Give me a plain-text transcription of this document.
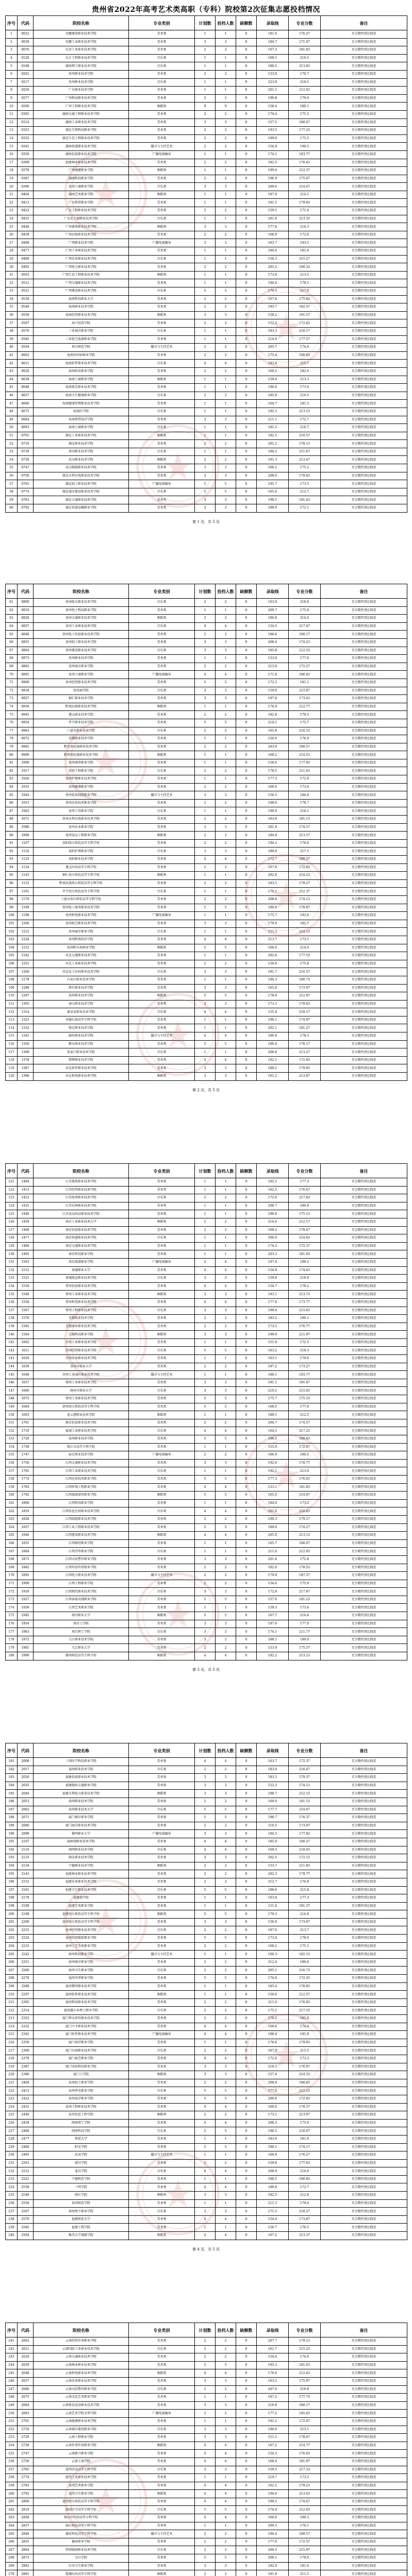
贵州省2022年高考艺术类高职（专科）院校第2次征集志愿投档情况
序号	代码	院校名称	专业类别	计划数	投档人数	缺额数	录取线	专业分数	备注
1	0022	安徽建筑职业技术学院	美术类	1	1	0	181.6	176.27	无分数性别比线差
2	0039	安徽工业职业技术学院	美术类	3	3	0	184.7	171.47	无分数性别比线差
3	0076	长沙工业职业技术学院	美术类	2	2	0	167.3	181.83	无分数性别比线差
4	0126	长江工程职业技术学院	音乐类	1	1	0	169.1	216.5	无分数性别比线差
5	0188	湖南理工职业技术学院	音乐类	1	1	0	188.5	213.83	无分数性别比线差
6	0202	贵州职业技术学院	美术类	2	2	0	153.8	170.7	无分数性别比线差
7	0217	贵州职业技术学院	音乐类	1	1	0	223.8	218.5	无分数性别比线差
8	0256	广东职业技术学院	美术类	1	1	0	201.1	212.63	无分数性别比线差
9	0277	广州科技职业技术学院	美术类	2	2	0	199.8	179.9	无分数性别比线差
10	0296	广州工程职业技术学院	舞蹈类	9	9	0	158.4	180.1	无分数性别比线差
11	0305	湖南交通工程职业技术学院	美术类	2	2	0	174.4	175.5	无分数性别比线差
12	0314	湖南工业职业技术学院	美术类	3	3	0	157.5	180.47	无分数性别比线差
13	0323	湖北生物科技职业学院	美术类	2	2	0	193.5	177.23	无分数性别比线差
14	0332	湖北生态工程职业技术学院	美术类	2	2	0	199.9	175.5	无分数性别比线差
15	0341	湖南铁道职业技术学院	播音与主持艺术	2	2	0	154.9	190.5	无分数性别比线差
16	0350	湖南信息职业技术学院	广播电视编导	1	1	0	174.1	183.77	无分数性别比线差
17	0369	福建林业职业技术学院	美术类	2	2	0	182.5	176.43	无分数性别比线差
18	0378	广州城建职业学院	舞蹈类	1	1	0	199.4	212.37	无分数性别比线差
19	0387	湖南科技职业学院	美术类	2	2	0	196.9	175.67	无分数性别比线差
20	0396	贵州工商职业学院	音乐类	3	3	0	209.6	214.67	无分数性别比线差
21	0404	湖南艺术职业学院	舞蹈类	1	1	0	187.9	214.1	无分数性别比线差
22	0413	广东科贸职业学院	美术类	1	1	0	181.5	179.93	无分数性别比线差
23	0422	广东工程职业技术学院	美术类	2	2	0	159.1	171.6	无分数性别比线差
24	0431	广东农工商职业技术学院	音乐类	1	1	0	201.4	213.33	无分数性别比线差
25	0440	广州番禺职业技术学院	舞蹈类	3	3	0	177.8	216.3	无分数性别比线差
26	0459	广州民航职业技术学院	美术类	2	2	0	168.9	172.6	无分数性别比线差
27	0468	广西职业技术学院	广播电视编导	3	3	0	163.7	193.5	无分数性别比线差
28	0477	广西工业职业技术学院	美术类	1	1	0	180.4	181.6	无分数性别比线差
29	0486	广西农业职业技术学院	音乐类	1	1	0	156.3	215.27	无分数性别比线差
30	0495	广西电力职业技术学院	美术类	2	2	0	205.2	180.33	无分数性别比线差
31	0503	广西生态工程职业技术学院	舞蹈类	1	1	0	173.8	213.5	无分数性别比线差
32	0512	广西交通职业技术学院	美术类	1	1	0	194.6	179.1	无分数性别比线差
33	0521	广西建设职业技术学院	音乐类	5	5	0	174.5	217.4	无分数性别比线差
34	0530	海南科技职业大学	美术类	2	2	0	167.8	175.83	无分数性别比线差
35	0549	海南职业技术学院	美术类	2	2	0	195.7	182.37	无分数性别比线差
36	0558	海南经贸职业技术学院	舞蹈类	3	3	0	158.2	191.57	无分数性别比线差
37	0567	海口经济学院	美术类	2	2	0	152.5	172.43	无分数性别比线差
38	0576	三亚城市职业学院	音乐类	1	1	0	183.3	216.17	无分数性别比线差
39	0585	三亚航空旅游职业学院	美术类	1	1	0	214.9	177.57	无分数性别比线差
40	0594	琼台师范学院	播音与主持艺术	2	2	0	205.7	174.6	无分数性别比线差
41	0602	海南外国语职业学院	美术类	2	2	0	175.4	180.83	无分数性别比线差
42	0611	海南软件职业技术学院	音乐类	4	4	0	183.6	215.7	无分数性别比线差
43	0620	海南政法职业学院	美术类	2	2	0	160.2	182.0	无分数性别比线差
44	0639	海南工商职业学院	舞蹈类	1	1	0	159.4	213.3	无分数性别比线差
45	0648	海南体育职业技术学院	美术类	1	1	0	196.6	173.4	无分数性别比线差
46	0657	海南卫生健康职业学院	音乐类	2	2	0	185.9	214.5	无分数性别比线差
47	0666	海南健康管理职业技术学院	美术类	1	1	0	164.7	181.5	无分数性别比线差
48	0675	海南医学院	音乐类	1	1	0	192.3	213.13	无分数性别比线差
49	0684	海南热带海洋学院	美术类	3	3	0	211.1	172.7	无分数性别比线差
50	0693	海南工商职业学院	音乐类	1	1	0	185.5	216.7	无分数性别比线差
51	0701	湖北工业职业技术学院	舞蹈类	1	1	0	182.5	210.57	无分数性别比线差
52	0710	湖北职业技术学院	美术类	2	2	0	201.2	178.13	无分数性别比线差
53	0729	黄冈职业技术学院	音乐类	1	1	0	184.2	211.67	无分数性别比线差
54	0738	武汉职业技术学院	舞蹈类	2	2	0	181.3	213.47	无分数性别比线差
55	0747	武汉船舶职业技术学院	美术类	3	3	0	166.2	175.2	无分数性别比线差
56	0756	湖北水利水电职业技术学院	美术类	3	3	0	208.0	179.83	无分数性别比线差
57	0765	湖北轻工职业技术学院	广播电视编导	5	5	0	195.7	173.5	无分数性别比线差
58	0774	湖北城市建设职业技术学院	音乐类	5	5	0	165.4	212.7	无分数性别比线差
59	0783	湖北交通职业技术学院	美术类	3	3	0	198.5	181.43	无分数性别比线差
60	0792	湖北铁道运输职业学院	美术类	3	3	0	188.9	172.1	无分数性别比线差
第 1 页，共 5 页
序号	代码	院校名称	专业类别	计划数	投档人数	缺额数	录取线	专业分数	备注
61	0800	贵州航天职业技术学院	音乐类	2	2	0	163.9	218.6	无分数性别比线差
62	0819	贵州电子科技职业学院	美术类	1	1	0	209.7	175.4	无分数性别比线差
63	0828	贵州交通职业技术学院	舞蹈类	2	2	0	186.8	214.0	无分数性别比线差
64	0837	贵州工业职业技术学院	音乐类	4	4	0	154.5	217.47	无分数性别比线差
65	0846	贵州电子信息职业技术学院	美术类	2	2	0	186.6	180.17	无分数性别比线差
66	0855	贵州轻工职业技术学院	美术类	3	3	0	208.4	174.23	无分数性别比线差
67	0864	贵州建设职业技术学院	音乐类	3	3	0	185.8	212.53	无分数性别比线差
68	0873	贵州职业技术学院	美术类	1	1	0	153.6	177.6	无分数性别比线差
69	0882	贵州城市职业学院	美术类	2	2	0	213.6	172.27	无分数性别比线差
70	0891	贵州工商职业学院	广播电视编导	4	4	0	171.6	186.43	无分数性别比线差
71	0909	贵州经贸职业技术学院	美术类	5	5	0	172.3	181.1	无分数性别比线差
72	0918	贵州商学院	音乐类	3	3	0	159.9	215.87	无分数性别比线差
73	0927	铜仁职业技术学院	美术类	3	3	0	197.8	173.43	无分数性别比线差
74	0936	黔南民族职业技术学院	舞蹈类	1	1	0	174.9	212.77	无分数性别比线差
75	0945	遵义职业技术学院	美术类	2	2	0	182.8	179.5	无分数性别比线差
76	0954	毕节职业技术学院	美术类	5	5	0	214.1	175.7	无分数性别比线差
77	0963	六盘水职业技术学院	音乐类	2	2	0	165.8	216.33	无分数性别比线差
78	0972	安顺职业技术学院	美术类	1	1	0	150.9	176.9	无分数性别比线差
79	0981	黔东南民族职业技术学院	美术类	2	2	0	203.9	180.57	无分数性别比线差
80	0990	黔西南民族职业技术学院	舞蹈类	1	1	0	160.2	214.53	无分数性别比线差
81	1008	贵州盛华职业学院	美术类	1	1	0	158.6	177.93	无分数性别比线差
82	1017	贵州工程职业学院	音乐类	2	2	0	178.5	211.63	无分数性别比线差
83	1026	贵州护理职业技术学院	美术类	1	1	0	177.3	172.9	无分数性别比线差
84	1035	贵州健康职业学院	美术类	2	2	0	166.6	173.6	无分数性别比线差
85	1044	贵州装备制造职业学院	播音与主持艺术	3	3	0	156.5	184.8	无分数性别比线差
86	1053	贵州应用技术职业学院	美术类	2	2	0	198.0	178.7	无分数性别比线差
87	1062	贵州工贸职业学院	音乐类	1	1	0	190.9	216.1	无分数性别比线差
88	1071	贵州水利水电职业技术学院	美术类	2	2	0	163.8	181.13	无分数性别比线差
89	1080	贵州农业职业学院	美术类	3	3	0	201.9	174.57	无分数性别比线差
90	1099	贵州食品工程职业学院	舞蹈类	2	2	0	184.8	213.57	无分数性别比线差
91	1107	贵阳幼儿师范高等专科学校	美术类	2	2	0	194.2	176.6	无分数性别比线差
92	1116	贵阳护理职业学院	音乐类	3	3	0	189.0	217.1	无分数性别比线差
93	1125	贵阳职业技术学院	美术类	4	4	0	172.7	180.37	无分数性别比线差
94	1134	遵义医药高等专科学校	美术类	2	2	0	167.0	172.03	无分数性别比线差
95	1143	铜仁幼儿师范高等专科学校	舞蹈类	1	1	0	202.8	214.23	无分数性别比线差
96	1152	黔南民族幼儿师范高等专科学校	美术类	2	2	0	183.5	179.27	无分数性别比线差
97	1161	毕节幼儿师范高等专科学校	音乐类	1	1	0	170.1	212.37	无分数性别比线差
98	1170	六盘水幼儿师范高等专科学校	美术类	2	2	0	208.8	174.13	无分数性别比线差
99	1189	贵州电子商务职业技术学院	美术类	5	5	0	180.0	178.87	无分数性别比线差
100	1198	贵州机电职业技术学院	广播电视编导	1	1	0	175.7	192.6	无分数性别比线差
101	1206	贵州航空职业技术学院	美术类	3	3	0	179.9	181.7	无分数性别比线差
102	1215	贵州城市职业学院	音乐类	1	1	0	151.3	214.13	无分数性别比线差
103	1224	贵州黔南经济学院	美术类	4	4	0	213.7	173.1	无分数性别比线差
104	1233	贵州黔东南职业学院	舞蹈类	5	5	0	166.0	214.4	无分数性别比线差
105	1242	河北交通职业技术学院	美术类	1	1	0	202.6	177.53	无分数性别比线差
106	1251	河北工业职业技术学院	美术类	2	2	0	150.6	175.8	无分数性别比线差
107	1260	河北化工医药职业技术学院	音乐类	3	3	0	181.7	216.57	无分数性别比线差
108	1279	石家庄职业技术学院	美术类	1	1	0	194.3	180.73	无分数性别比线差
109	1288	邢台职业技术学院	美术类	3	3	0	165.8	173.97	无分数性别比线差
110	1297	沧州职业技术学院	舞蹈类	5	5	0	178.4	212.97	无分数性别比线差
111	1305	唐山职业技术学院	美术类	3	3	0	173.3	178.63	无分数性别比线差
112	1314	秦皇岛职业技术学院	音乐类	4	4	0	155.4	218.17	无分数性别比线差
113	1323	承德石油高等专科学校	美术类	1	1	0	196.1	174.97	无分数性别比线差
114	1332	保定职业技术学院	美术类	1	1	0	202.1	181.27	无分数性别比线差
115	1341	廊坊职业技术学院	播音与主持艺术	4	4	0	186.9	178.3	无分数性别比线差
116	1350	衡水职业技术学院	美术类	5	5	0	186.4	176.17	无分数性别比线差
117	1369	张家口职业技术学院	音乐类	1	1	0	208.8	213.27	无分数性别比线差
118	1378	邯郸职业技术学院	美术类	4	4	0	182.1	172.83	无分数性别比线差
119	1387	河北软件职业技术学院	美术类	3	3	0	188.2	179.93	无分数性别比线差
120	1396	河北机电职业技术学院	舞蹈类	3	3	0	161.2	213.87	无分数性别比线差
第 2 页，共 5 页
序号	代码	院校名称	专业类别	计划数	投档人数	缺额数	录取线	专业分数	备注
121	1404	江苏建筑职业技术学院	美术类	1	1	0	185.3	177.3	无分数性别比线差
122	1413	江苏经贸职业技术学院	美术类	1	1	0	162.5	176.47	无分数性别比线差
123	1422	江苏海事职业技术学院	音乐类	2	2	0	172.0	217.83	无分数性别比线差
124	1431	江苏农林职业技术学院	美术类	1	1	0	200.7	180.8	无分数性别比线差
125	1440	江苏食品药品职业技术学院	美术类	1	1	0	196.8	175.13	无分数性别比线差
126	1459	南京工业职业技术大学	舞蹈类	2	2	0	214.6	212.17	无分数性别比线差
127	1468	南京信息职业技术学院	美术类	2	2	0	169.2	179.47	无分数性别比线差
128	1477	南京铁道职业技术学院	音乐类	1	1	0	206.0	214.83	无分数性别比线差
129	1486	南京交通职业技术学院	美术类	1	1	0	174.2	172.37	无分数性别比线差
130	1495	南京科技职业学院	美术类	1	1	0	203.3	181.03	无分数性别比线差
131	1503	南京旅游职业学院	广播电视编导	4	4	0	197.4	189.2	无分数性别比线差
132	1512	南通职业大学	美术类	4	4	0	154.8	174.43	无分数性别比线差
133	1521	南通航运职业技术学院	音乐类	3	3	0	159.8	216.9	无分数性别比线差
134	1530	常州信息职业技术学院	美术类	4	4	0	154.7	178.2	无分数性别比线差
135	1549	常州工业职业技术学院	舞蹈类	3	3	0	193.1	213.73	无分数性别比线差
136	1558	常州机电职业技术学院	美术类	4	4	0	177.8	173.77	无分数性别比线差
137	1567	常州工程职业技术学院	音乐类	3	3	0	199.4	215.63	无分数性别比线差
138	1576	无锡职业技术学院	美术类	2	2	0	183.2	180.1	无分数性别比线差
139	1585	无锡商业职业技术学院	美术类	2	2	0	173.5	176.77	无分数性别比线差
140	1594	无锡科技职业学院	舞蹈类	3	3	0	199.9	211.97	无分数性别比线差
141	1602	苏州工业职业技术学院	美术类	1	1	0	151.9	172.5	无分数性别比线差
142	1611	苏州经贸职业技术学院	音乐类	5	5	0	163.2	218.3	无分数性别比线差
143	1620	苏州农业职业技术学院	美术类	1	1	0	163.1	179.6	无分数性别比线差
144	1639	苏州市职业大学	美术类	2	2	0	197.2	173.27	无分数性别比线差
145	1648	苏州工业园区职业技术学院	播音与主持艺术	1	1	0	188.1	193.77	无分数性别比线差
146	1657	扬州工业职业技术学院	美术类	3	3	0	191.1	181.47	无分数性别比线差
147	1666	扬州市职业大学	音乐类	3	3	0	210.2	215.03	无分数性别比线差
148	1675	徐州工业职业技术学院	美术类	5	5	0	175.7	175.33	无分数性别比线差
149	1684	徐州幼儿师范高等专科学校	美术类	5	5	0	168.5	177.9	无分数性别比线差
150	1693	连云港职业技术学院	舞蹈类	1	1	0	189.1	212.5	无分数性别比线差
151	1701	淮安信息职业技术学院	美术类	2	2	0	204.7	174.57	无分数性别比线差
152	1710	盐城工业职业技术学院	音乐类	4	4	0	164.5	217.23	无分数性别比线差
153	1729	泰州职业技术学院	美术类	5	5	0	196.5	180.43	无分数性别比线差
154	1738	镇江市高等专科学校	美术类	1	1	0	155.9	172.97	无分数性别比线差
155	1747	宿迁职业技术学院	广播电视编导	2	2	0	166.9	180.5	无分数性别比线差
156	1756	江西交通职业技术学院	美术类	3	3	0	192.6	178.77	无分数性别比线差
157	1765	江西工业职业技术学院	音乐类	1	1	0	192.1	213.6	无分数性别比线差
158	1774	江西应用技术职业学院	美术类	5	5	0	177.3	176.03	无分数性别比线差
159	1783	江西环境工程职业学院	美术类	4	4	0	153.1	181.83	无分数性别比线差
160	1792	江西旅游商贸职业学院	舞蹈类	5	5	0	165.0	214.97	无分数性别比线差
161	1800	江西科技职业学院	美术类	1	1	0	184.9	173.5	无分数性别比线差
162	1819	江西信息应用职业技术学院	音乐类	4	4	0	201.0	216.43	无分数性别比线差
163	1828	江西制造职业技术学院	美术类	2	2	0	190.3	179.17	无分数性别比线差
164	1837	江西工业工程职业技术学院	美术类	5	5	0	189.0	174.27	无分数性别比线差
165	1846	江西建设职业技术学院	舞蹈类	4	4	0	205.9	213.13	无分数性别比线差
166	1855	江西财经职业学院	美术类	1	1	0	165.7	180.07	无分数性别比线差
167	1864	江西青年职业学院	音乐类	1	1	0	211.6	212.93	无分数性别比线差
168	1873	江西司法警官职业学院	美术类	3	3	0	201.4	172.8	无分数性别比线差
169	1882	江西外语外贸职业学院	美术类	2	2	0	182.0	178.53	无分数性别比线差
170	1891	江西电力职业技术学院	播音与主持艺术	2	2	0	179.9	187.37	无分数性别比线差
171	1909	江西工程职业学院	美术类	2	2	0	154.6	175.9	无分数性别比线差
172	1918	江西现代职业技术学院	音乐类	3	3	0	172.9	217.67	无分数性别比线差
173	1927	江西泰豪动漫职业学院	美术类	5	5	0	157.6	181.23	无分数性别比线差
174	1936	江西艺术职业学院	美术类	1	1	0	159.3	173.6	无分数性别比线差
175	1945	南昌职业大学	舞蹈类	5	5	0	167.7	214.6	无分数性别比线差
176	1954	南昌工学院	美术类	3	3	0	197.6	177.0	无分数性别比线差
177	1963	南昌理工学院	音乐类	3	3	0	174.1	211.77	无分数性别比线差
178	1972	九江职业技术学院	美术类	3	3	0	188.1	180.9	无分数性别比线差
179	1981	九江职业大学	美术类	2	2	0	153.9	175.57	无分数性别比线差
180	1990	赣州师范高等专科学校	舞蹈类	4	4	0	192.2	213.23	无分数性别比线差
第 3 页，共 5 页
序号	代码	院校名称	专业类别	计划数	投档人数	缺额数	录取线	专业分数	备注
181	2008	三明医学科技职业学院	美术类	4	4	0	163.7	172.37	无分数性别比线差
182	2017	福州职业技术学院	音乐类	2	2	0	183.0	216.47	无分数性别比线差
183	2026	福建信息职业技术学院	美术类	3	3	0	183.3	179.37	无分数性别比线差
184	2035	福建船政交通职业学院	美术类	3	3	0	152.3	174.13	无分数性别比线差
185	2044	福建水利电力职业技术学院	舞蹈类	3	3	0	188.7	212.13	无分数性别比线差
186	2053	漳州职业技术学院	美术类	2	2	0	160.9	181.53	无分数性别比线差
187	2062	泉州职业技术大学	音乐类	5	5	0	177.7	214.67	无分数性别比线差
188	2071	厦门城市职业学院	美术类	5	5	0	196.7	176.37	无分数性别比线差
189	2080	厦门海洋职业技术学院	美术类	2	2	0	210.5	173.07	无分数性别比线差
190	2099	黎明职业大学	广播电视编导	3	3	0	184.5	177.83	无分数性别比线差
191	2107	湄洲湾职业技术学院	美术类	4	4	0	185.0	180.27	无分数性别比线差
192	2116	闽西职业技术学院	音乐类	4	4	0	169.5	218.03	无分数性别比线差
193	2125	闽北职业技术学院	美术类	3	3	0	202.5	172.13	无分数性别比线差
194	2134	宁德职业技术学院	舞蹈类	2	2	0	153.7	211.83	无分数性别比线差
195	2143	福建林业职业技术学院	美术类	2	2	0	202.3	179.77	无分数性别比线差
196	2152	福建农业职业技术学院	美术类	2	2	0	212.7	174.8	无分数性别比线差
197	2161	福建卫生职业技术学院	音乐类	5	5	0	188.6	215.9	无分数性别比线差
198	2170	福建商学院	美术类	1	1	0	163.4	177.3	无分数性别比线差
199	2189	福建艺术职业学院	美术类	1	1	0	151.4	181.37	无分数性别比线差
200	2198	福建幼儿师范高等专科学校	舞蹈类	5	5	0	179.3	214.8	无分数性别比线差
201	2206	泉州幼儿师范高等专科学校	美术类	3	3	0	156.9	173.67	无分数性别比线差
202	2215	泉州经贸职业技术学院	音乐类	2	2	0	187.6	213.7	无分数性别比线差
203	2224	泉州纺织服装职业学院	美术类	5	5	0	173.4	179.0	无分数性别比线差
204	2233	泉州工艺美术职业学院	美术类	2	2	0	168.2	175.1	无分数性别比线差
205	2242	漳州科技职业学院	播音与主持艺术	1	1	0	166.3	182.13	无分数性别比线差
206	2251	漳州城市职业学院	美术类	2	2	0	212.4	180.6	无分数性别比线差
207	2260	漳州卫生职业学院	音乐类	2	2	0	205.1	216.73	无分数性别比线差
208	2279	福州英华职业学院	美术类	5	5	0	174.8	172.33	无分数性别比线差
209	2288	福州黎明职业技术学院	美术类	1	1	0	185.4	178.83	无分数性别比线差
210	2297	福州软件职业技术学院	舞蹈类	1	1	0	158.0	212.57	无分数性别比线差
211	2305	福州科技职业技术学院	美术类	2	2	0	211.0	176.03	无分数性别比线差
212	2314	福州墨尔本理工职业学院	音乐类	2	2	0	175.2	217.53	无分数性别比线差
213	2323	厦门华天涉外职业技术学院	美术类	2	2	0	176.2	181.0	无分数性别比线差
214	2332	厦门兴才职业技术学院	美术类	4	4	0	169.8	174.4	无分数性别比线差
215	2341	厦门软件职业技术学院	广播电视编导	4	4	0	188.4	191.9	无分数性别比线差
216	2350	厦门南洋职业学院	美术类	1	1	0	176.6	179.03	无分数性别比线差
217	2369	厦门东海职业技术学院	音乐类	2	2	0	167.9	215.5	无分数性别比线差
218	2378	厦门演艺职业学院	美术类	4	4	0	172.6	173.3	无分数性别比线差
219	2387	厦门安防科技职业学院	美术类	3	3	0	210.3	176.97	无分数性别比线差
220	2396	厦门工学院	舞蹈类	3	3	0	157.4	214.33	无分数性别比线差
221	2404	泉州轻工职业学院	美术类	2	2	0	208.4	180.43	无分数性别比线差
222	2413	泉州华光职业学院	音乐类	5	5	0	177.6	212.23	无分数性别比线差
223	2422	泉州海洋职业学院	美术类	5	5	0	200.8	172.93	无分数性别比线差
224	2431	泉州工程职业技术学院	美术类	4	4	0	160.0	178.37	无分数性别比线差
225	2440	泉州信息工程学院	舞蹈类	2	2	0	173.1	213.97	无分数性别比线差
226	2459	闽南理工学院	美术类	4	4	0	206.3	175.0	无分数性别比线差
227	2468	闽南科技学院	音乐类	5	5	0	196.5	216.07	无分数性别比线差
228	2477	仰恩大学	美术类	1	1	0	183.6	181.8	无分数性别比线差
229	2486	阳光学院	美术类	5	5	0	188.1	174.17	无分数性别比线差
230	2495	武夷学院	播音与主持艺术	1	1	0	160.9	176.27	无分数性别比线差
231	2503	莆田学院	美术类	2	2	0	159.8	177.63	无分数性别比线差
232	2512	龙岩学院	音乐类	4	4	0	208.9	214.6	无分数性别比线差
233	2521	宁德师范学院	美术类	1	1	0	180.5	180.83	无分数性别比线差
234	2530	三明学院	美术类	4	4	0	180.8	172.7	无分数性别比线差
235	2549	闽江学院	舞蹈类	3	3	0	182.5	212.8	无分数性别比线差
236	2558	泉州师范学院	美术类	1	1	0	211.3	179.4	无分数性别比线差
237	2567	漳州理工职业学院	音乐类	3	3	0	171.5	218.27	无分数性别比线差
238	2576	福建师范大学	美术类	4	4	0	154.0	173.87	无分数性别比线差
239	2585	福建工程学院	美术类	1	1	0	156.7	176.5	无分数性别比线差
240	2594	集美大学诚毅学院	舞蹈类	4	4	0	167.2	213.37	无分数性别比线差
第 4 页，共 5 页
序号	代码	院校名称	专业类别	计划数	投档人数	缺额数	录取线	专业分数	备注
241	2602	云南经贸外事职业学院	美术类	2	2	0	207.7	179.13	无分数性别比线差
242	2611	云南国防工业职业技术学院	音乐类	2	2	0	161.7	215.23	无分数性别比线差
243	2620	云南交通职业技术学院	美术类	2	2	0	154.4	174.0	无分数性别比线差
244	2639	云南林业职业技术学院	美术类	5	5	0	195.3	181.03	无分数性别比线差
245	2648	云南机电职业技术学院	舞蹈类	4	4	0	176.6	212.43	无分数性别比线差
246	2657	云南农业职业技术学院	美术类	3	3	0	163.2	175.97	无分数性别比线差
247	2666	云南司法警官职业学院	音乐类	2	2	0	207.0	216.8	无分数性别比线差
248	2675	云南文化艺术职业学院	美术类	1	1	0	187.2	177.73	无分数性别比线差
249	2684	云南体育运动职业技术学院	美术类	3	3	0	210.8	180.17	无分数性别比线差
250	2693	云南艺术学院文华学院	广播电视编导	2	2	0	177.2	185.63	无分数性别比线差
251	2701	云南能源职业技术学院	美术类	1	1	0	191.2	172.47	无分数性别比线差
252	2710	云南城市建设职业学院	音乐类	3	3	0	196.0	213.1	无分数性别比线差
253	2729	云南工程职业学院	美术类	3	3	0	151.5	178.47	无分数性别比线差
254	2738	云南外事外语职业学院	舞蹈类	4	4	0	167.2	214.77	无分数性别比线差
255	2747	云南新兴职业学院	美术类	4	4	0	154.3	176.63	无分数性别比线差
256	2756	云南工商学院	美术类	4	4	0	168.4	181.97	无分数性别比线差
257	2765	昆明冶金高等专科学校	音乐类	3	3	0	159.5	217.33	无分数性别比线差
258	2774	昆明工业职业技术学院	美术类	1	1	0	210.7	173.2	无分数性别比线差
259	2783	昆明艺术职业学院	美术类	4	4	0	162.1	179.23	无分数性别比线差
260	2792	昆明卫生职业学院	舞蹈类	4	4	0	194.6	213.43	无分数性别比线差
261	2800	昆明幼儿师范高等专科学校	美术类	4	4	0	199.2	174.67	无分数性别比线差
262	2819	曲靖医学高等专科学校	音乐类	5	5	0	174.0	212.03	无分数性别比线差
263	2828	保山中医药高等专科学校	美术类	4	4	0	166.8	180.3	无分数性别比线差
264	2837	丽江师范高等专科学校	美术类	1	1	0	209.3	176.1	无分数性别比线差
265	2846	德宏师范高等专科学校	播音与主持艺术	2	2	0	194.4	189.57	无分数性别比线差
266	2855	德宏职业学院	美术类	2	2	0	177.0	172.57	无分数性别比线差
267	2864	西双版纳职业技术学院	音乐类	2	2	0	204.5	215.97	无分数性别比线差
268	2873	文山学院	美术类	5	5	0	208.1	178.0	无分数性别比线差
269	2882	红河卫生职业学院	美术类	3	3	0	182.9	181.6	无分数性别比线差
270	2891	楚雄医药高等专科学校	舞蹈类	2	2	0	181.8	211.5	无分数性别比线差
